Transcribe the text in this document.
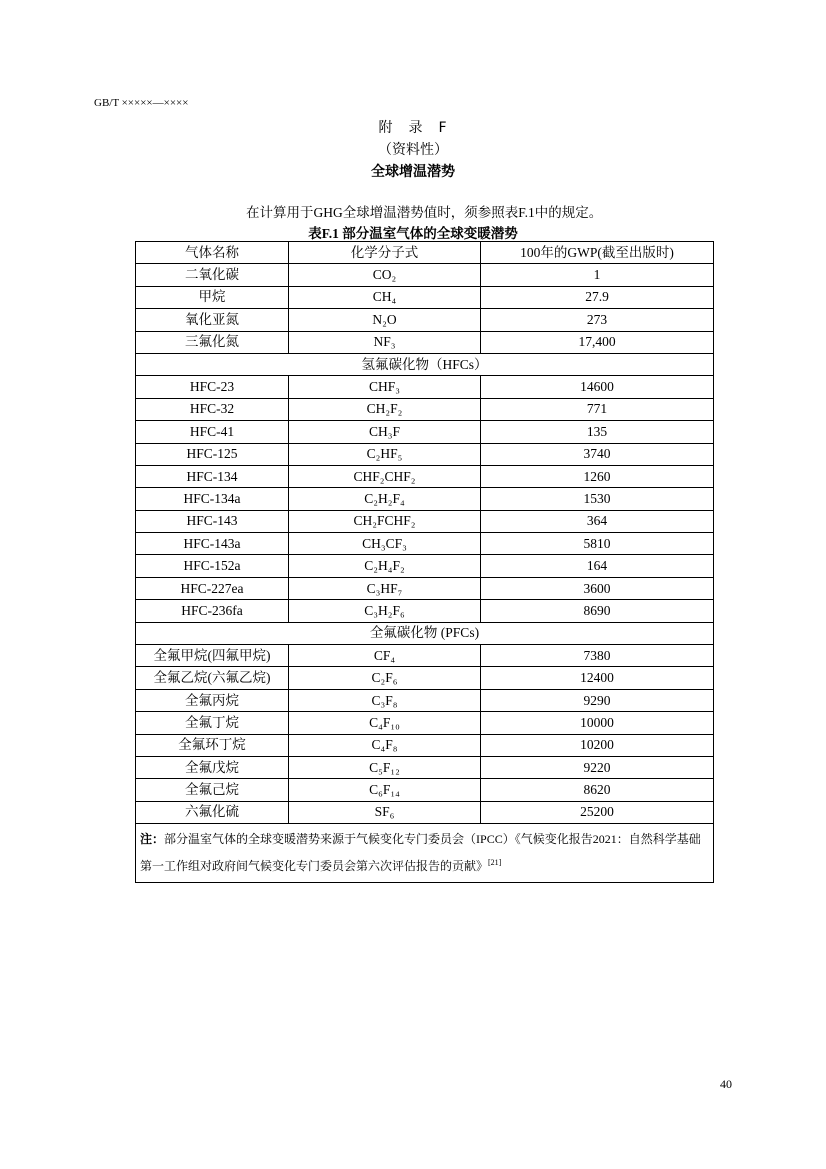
GB/T ×××××—××××
附　录　F
（资料性）
全球增温潜势
在计算用于GHG全球增温潜势值时，须参照表F.1中的规定。
表F.1 部分温室气体的全球变暖潜势
气体名称	化学分子式	100年的GWP(截至出版时)
二氧化碳	CO₂	1
甲烷	CH₄	27.9
氧化亚氮	N₂O	273
三氟化氮	NF₃	17,400
氢氟碳化物（HFCs）		
HFC-23	CHF₃	14600
HFC-32	CH₂F₂	771
HFC-41	CH₃F	135
HFC-125	C₂HF₅	3740
HFC-134	CHF₂CHF₂	1260
HFC-134a	C₂H₂F₄	1530
HFC-143	CH₂FCHF₂	364
HFC-143a	CH₃CF₃	5810
HFC-152a	C₂H₄F₂	164
HFC-227ea	C₃HF₇	3600
HFC-236fa	C₃H₂F₆	8690
全氟碳化物 (PFCs)		
全氟甲烷(四氟甲烷)	CF₄	7380
全氟乙烷(六氟乙烷)	C₂F₆	12400
全氟丙烷	C₃F₈	9290
全氟丁烷	C₄F₁₀	10000
全氟环丁烷	C₄F₈	10200
全氟戊烷	C₅F₁₂	9220
全氟己烷	C₆F₁₄	8620
六氟化硫	SF₆	25200
注：部分温室气体的全球变暖潜势来源于气候变化专门委员会（IPCC）《气候变化报告2021：自然科学基础 第一工作组对政府间气候变化专门委员会第六次评估报告的贡献》[21]
40
